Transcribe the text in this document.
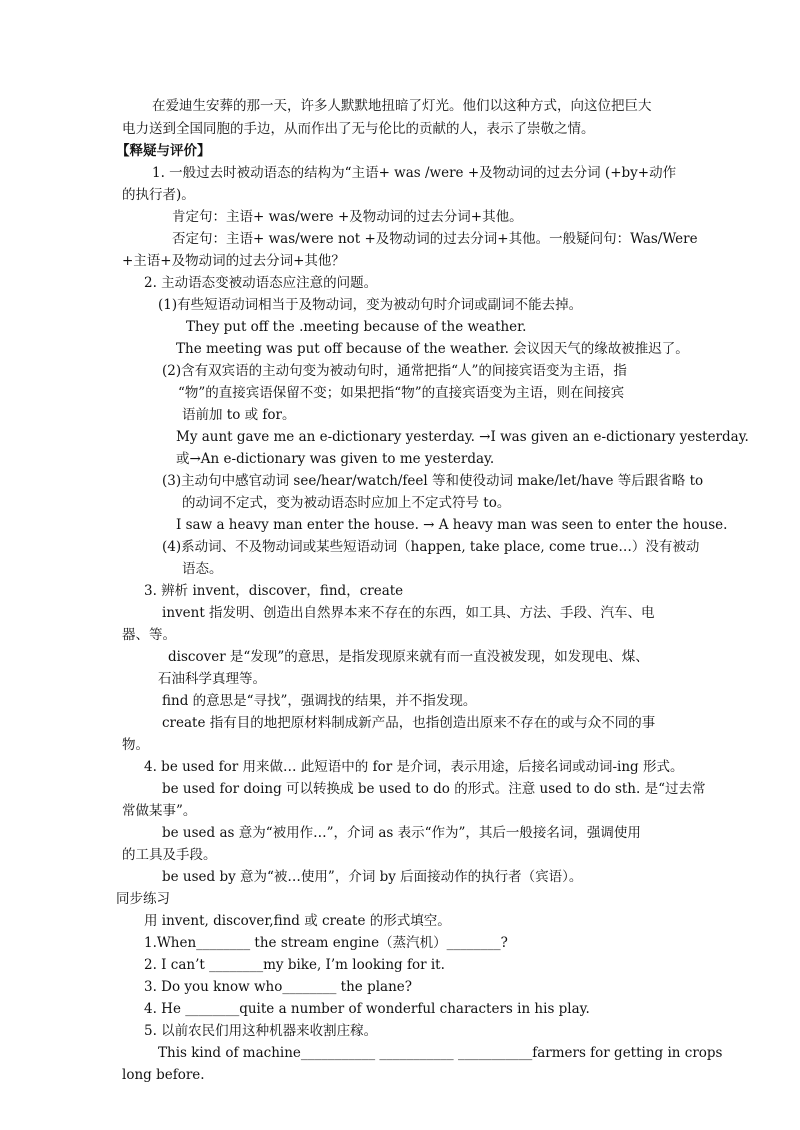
在爱迪生安葬的那一天，许多人默默地扭暗了灯光。他们以这种方式，向这位把巨大
电力送到全国同胞的手边，从而作出了无与伦比的贡献的人，表示了崇敬之情。
【释疑与评价】
1. 一般过去时被动语态的结构为“主语+ was /were +及物动词的过去分词 (+by+动作
的执行者)。
肯定句：主语+ was/were +及物动词的过去分词+其他。
否定句：主语+ was/were not +及物动词的过去分词+其他。一般疑问句：Was/Were
+主语+及物动词的过去分词+其他？
2. 主动语态变被动语态应注意的问题。
(1)有些短语动词相当于及物动词，变为被动句时介词或副词不能去掉。
They put off the .meeting because of the weather.
The meeting was put off because of the weather. 会议因天气的缘故被推迟了。
(2)含有双宾语的主动句变为被动句时，通常把指“人”的间接宾语变为主语，指
“物”的直接宾语保留不变；如果把指“物”的直接宾语变为主语，则在间接宾
语前加 to 或 for。
My aunt gave me an e-dictionary yesterday. →I was given an e-dictionary yesterday.
或→An e-dictionary was given to me yesterday.
(3)主动句中感官动词 see/hear/watch/feel 等和使役动词 make/let/have 等后跟省略 to
的动词不定式，变为被动语态时应加上不定式符号 to。
I saw a heavy man enter the house. → A heavy man was seen to enter the house.
(4)系动词、不及物动词或某些短语动词（happen, take place, come true…）没有被动
语态。
3. 辨析 invent，discover，find，create
invent 指发明、创造出自然界本来不存在的东西，如工具、方法、手段、汽车、电
器、等。
discover 是“发现”的意思，是指发现原来就有而一直没被发现，如发现电、煤、
石油科学真理等。
find 的意思是“寻找”，强调找的结果，并不指发现。
create 指有目的地把原材料制成新产品，也指创造出原来不存在的或与众不同的事
物。
4. be used for 用来做… 此短语中的 for 是介词，表示用途，后接名词或动词-ing 形式。
be used for doing 可以转换成 be used to do 的形式。注意 used to do sth. 是“过去常
常做某事”。
be used as 意为“被用作…”，介词 as 表示“作为”，其后一般接名词，强调使用
的工具及手段。
be used by 意为“被…使用”，介词 by 后面接动作的执行者（宾语）。
同步练习
用 invent, discover,find 或 create 的形式填空。
1.When________ the stream engine（蒸汽机）________?
2. I can’t ________my bike, I’m looking for it.
3. Do you know who________ the plane?
4. He ________quite a number of wonderful characters in his play.
5. 以前农民们用这种机器来收割庄稼。
This kind of machine___________ ___________ ___________farmers for getting in crops
long before.
